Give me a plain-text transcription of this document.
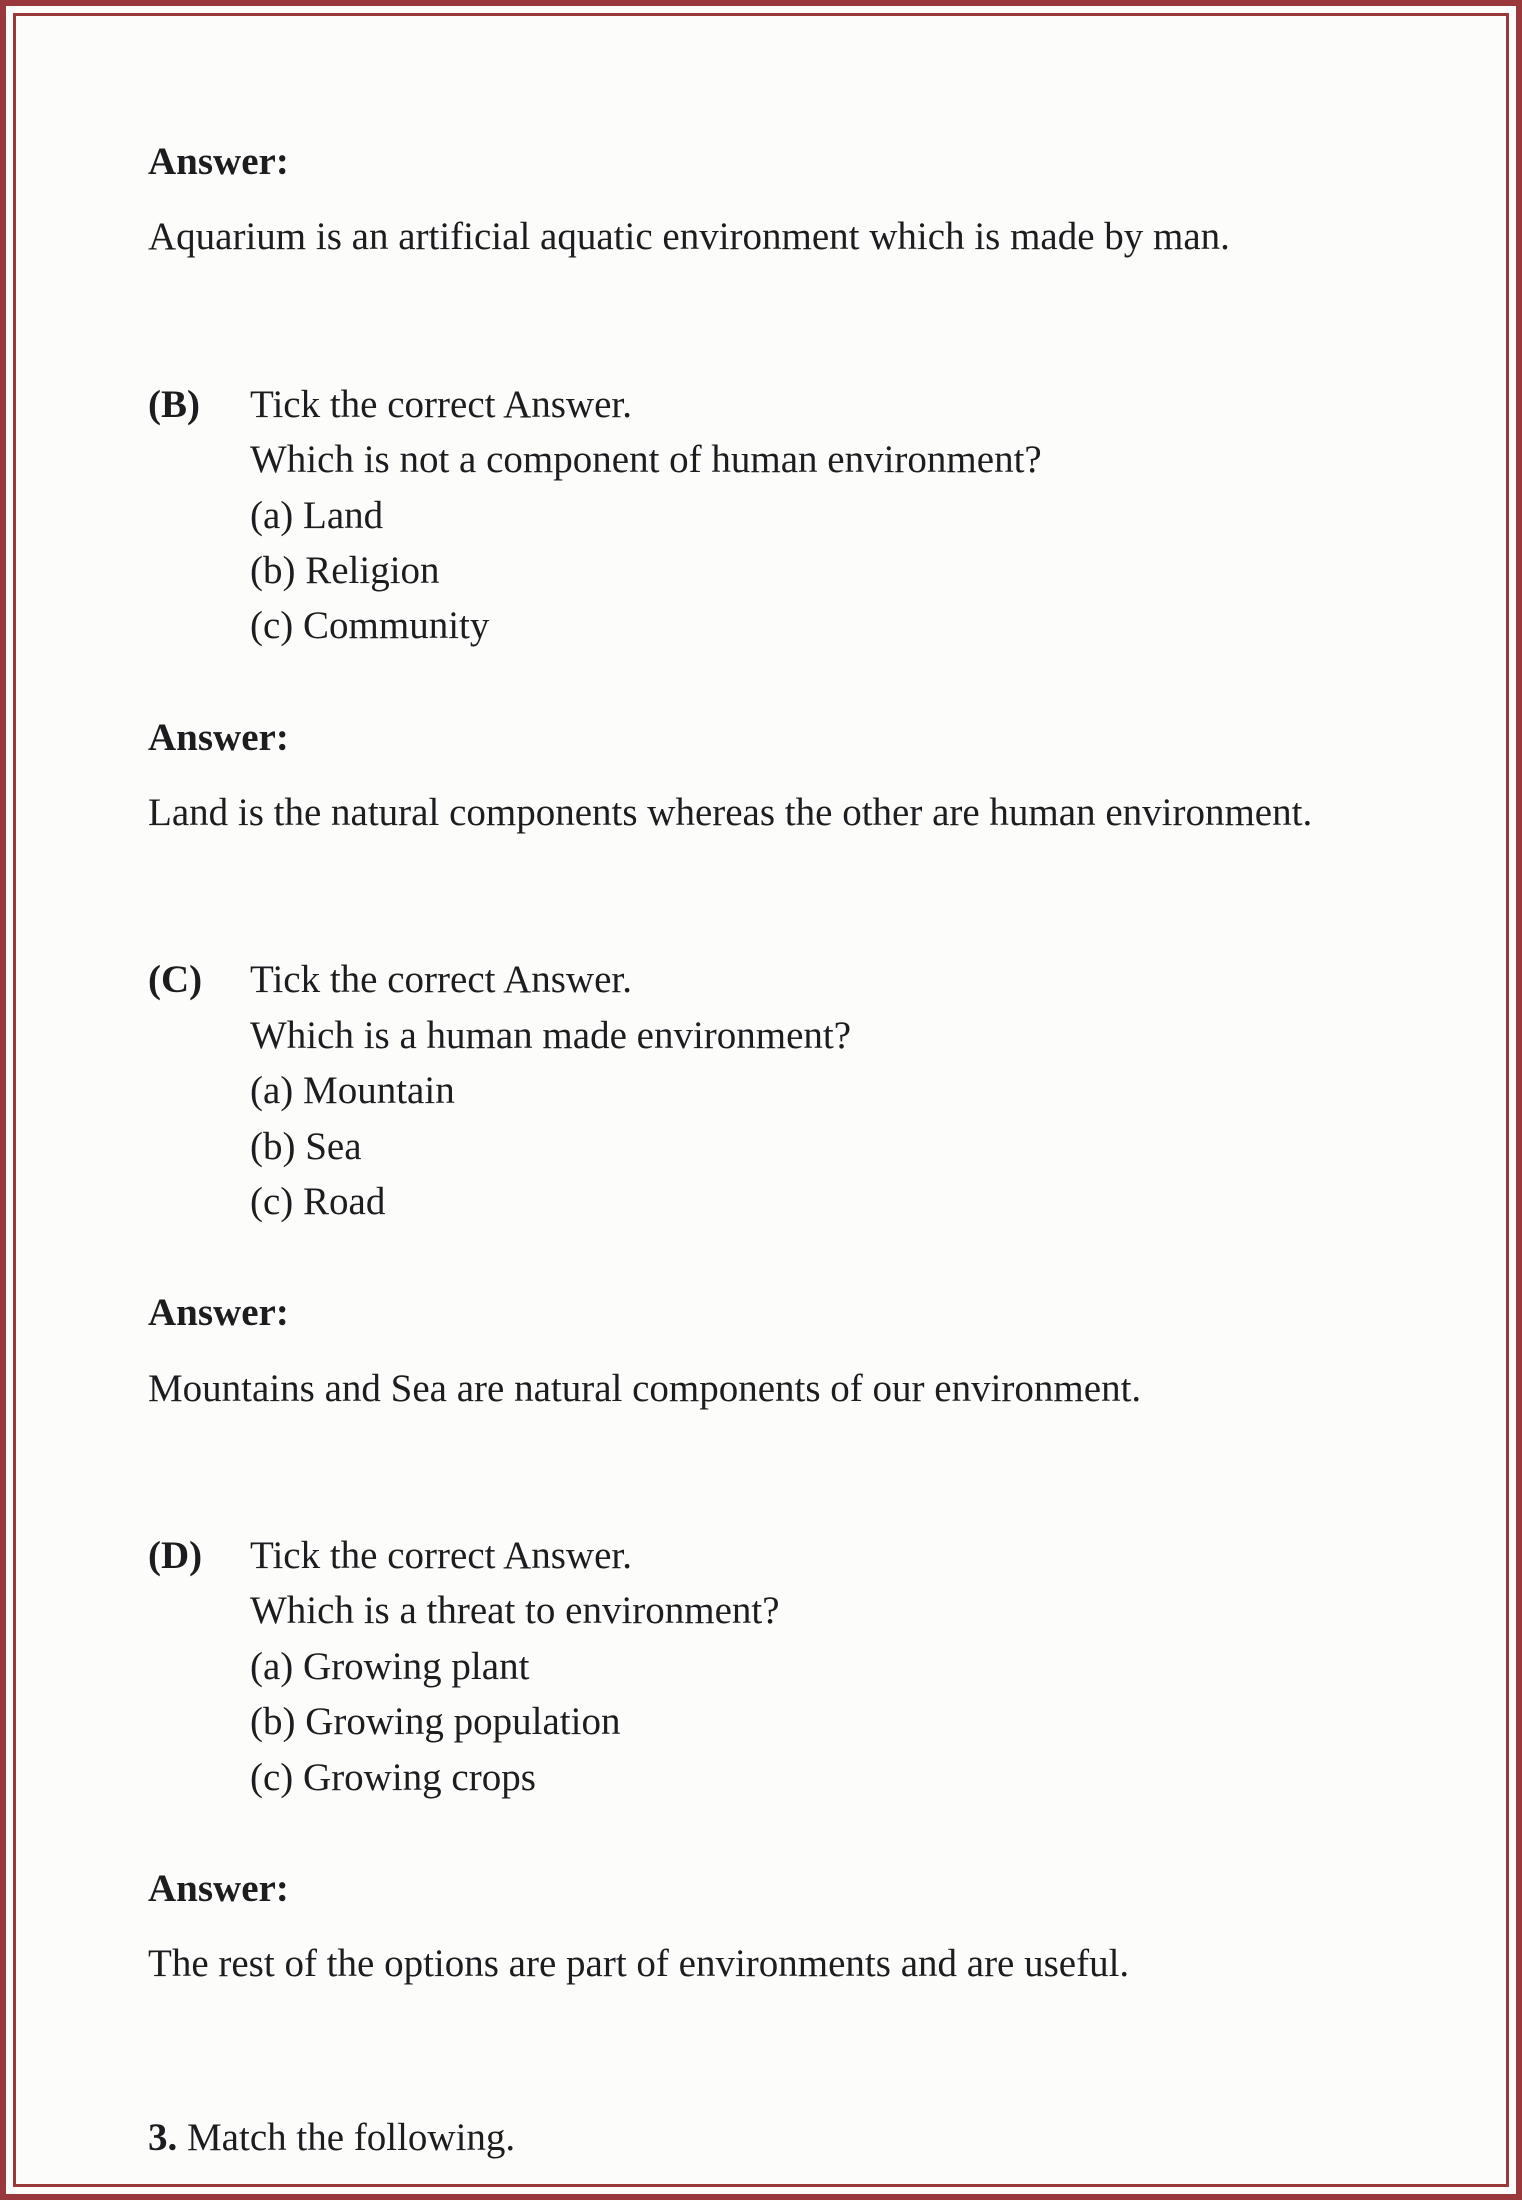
Answer:

Aquarium is an artificial aquatic environment which is made by man.

(B)	Tick the correct Answer.

Which is not a component of human environment?

(a) Land

(b) Religion

(c) Community

Answer:

Land is the natural components whereas the other are human environment.

(C)	Tick the correct Answer.

Which is a human made environment?

(a) Mountain

(b) Sea

(c) Road

Answer:

Mountains and Sea are natural components of our environment.

(D)	Tick the correct Answer.

Which is a threat to environment?

(a) Growing plant

(b) Growing population

(c) Growing crops

Answer:

The rest of the options are part of environments and are useful.

3. Match the following.
